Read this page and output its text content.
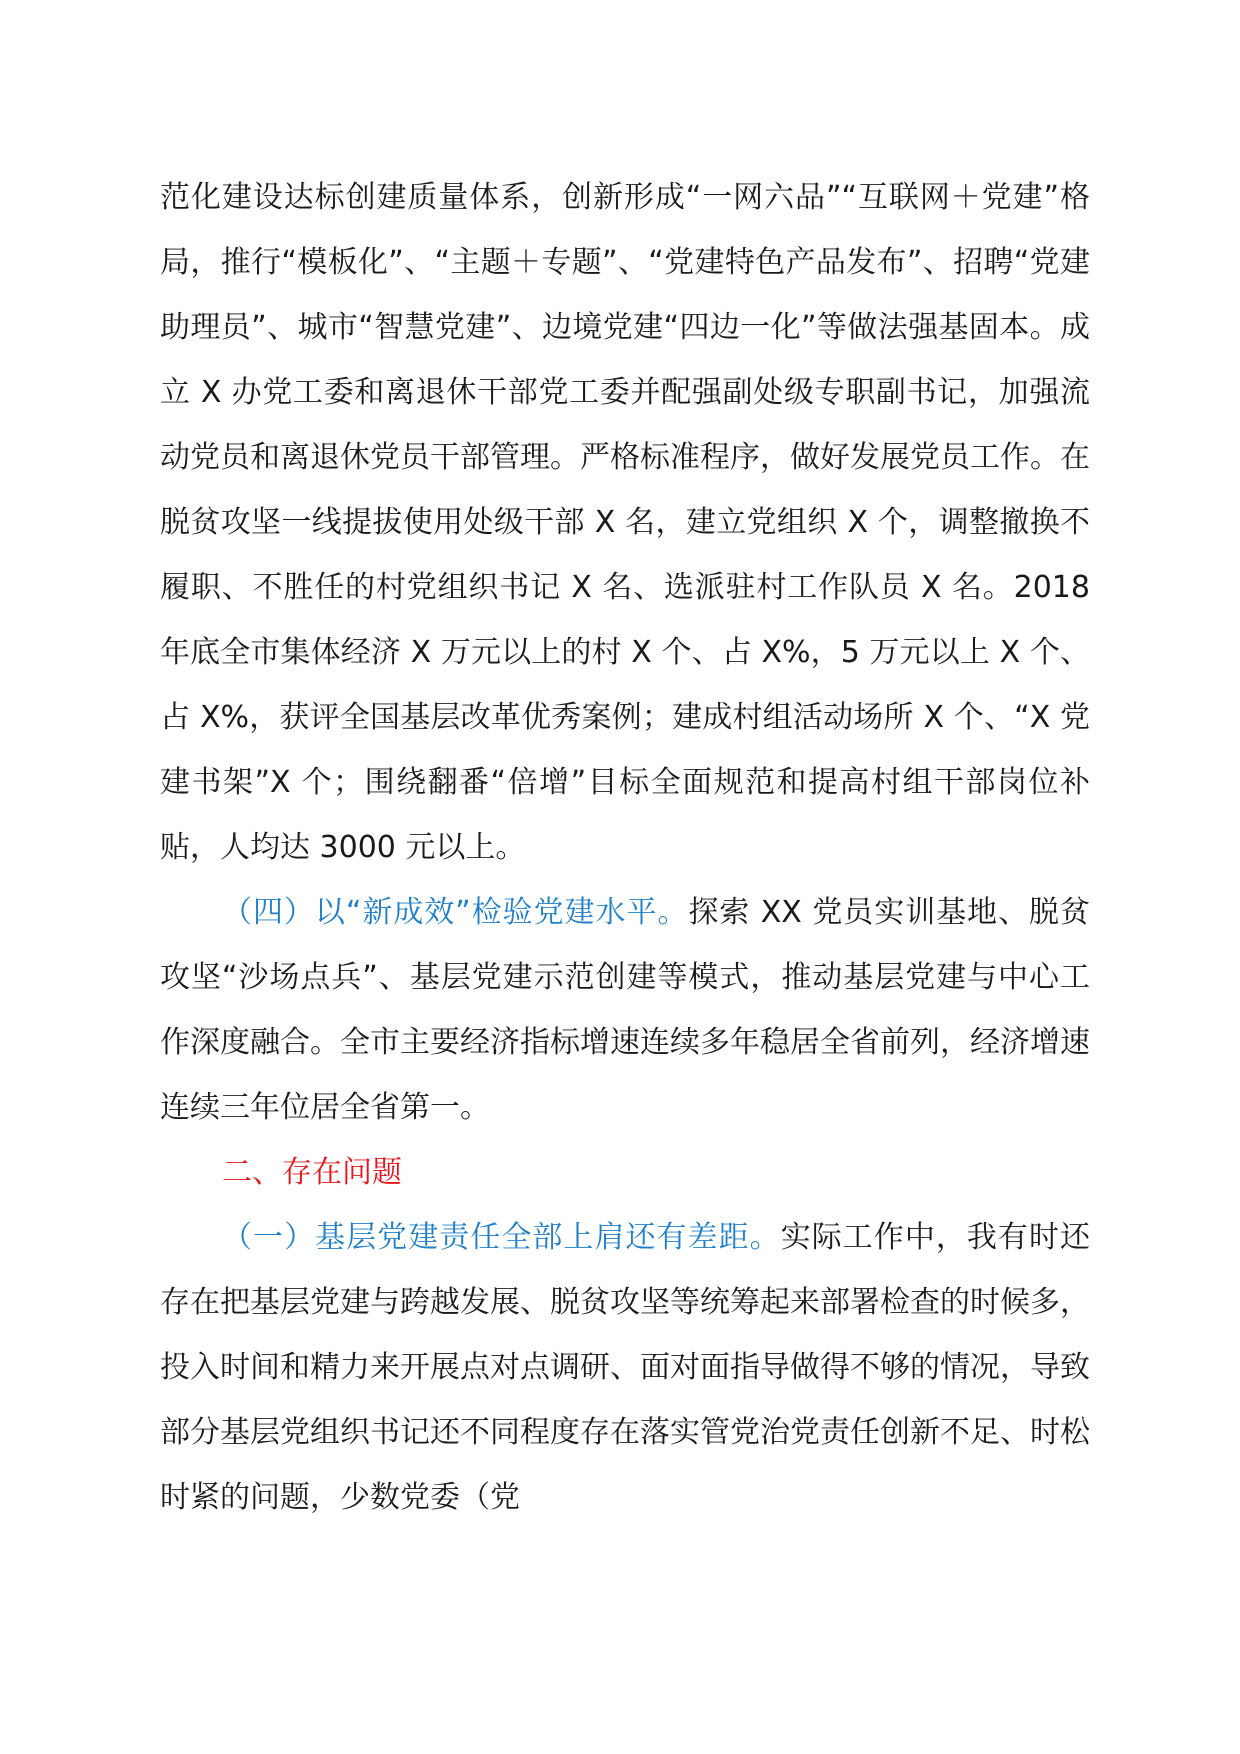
范化建设达标创建质量体系，创新形成“一网六品”“互联网＋党建”格局，推行“模板化”、“主题＋专题”、“党建特色产品发布”、招聘“党建助理员”、城市“智慧党建”、边境党建“四边一化”等做法强基固本。成立 X 办党工委和离退休干部党工委并配强副处级专职副书记，加强流动党员和离退休党员干部管理。严格标准程序，做好发展党员工作。在脱贫攻坚一线提拔使用处级干部 X 名，建立党组织 X 个，调整撤换不履职、不胜任的村党组织书记 X 名、选派驻村工作队员 X 名。2018 年底全市集体经济 X 万元以上的村 X 个、占 X%，5 万元以上 X 个、占 X%，获评全国基层改革优秀案例；建成村组活动场所 X 个、“X 党建书架”X 个；围绕翻番“倍增”目标全面规范和提高村组干部岗位补贴，人均达 3000 元以上。

（四）以“新成效”检验党建水平。探索 XX 党员实训基地、脱贫攻坚“沙场点兵”、基层党建示范创建等模式，推动基层党建与中心工作深度融合。全市主要经济指标增速连续多年稳居全省前列，经济增速连续三年位居全省第一。

二、存在问题

（一）基层党建责任全部上肩还有差距。实际工作中，我有时还存在把基层党建与跨越发展、脱贫攻坚等统筹起来部署检查的时候多，投入时间和精力来开展点对点调研、面对面指导做得不够的情况，导致部分基层党组织书记还不同程度存在落实管党治党责任创新不足、时松时紧的问题，少数党委（党
